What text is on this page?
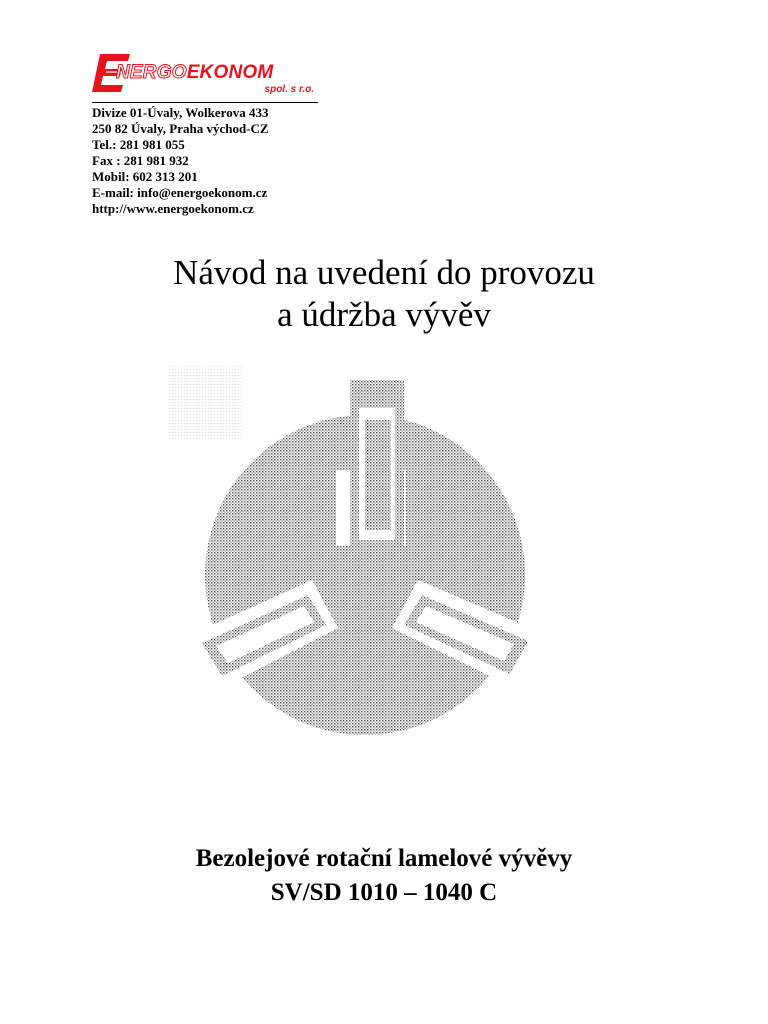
NERGOEKONOM
spol. s r.o.
Divize 01-Úvaly, Wolkerova 433
250 82 Úvaly, Praha východ-CZ
Tel.: 281 981 055
Fax : 281 981 932
Mobil: 602 313 201
E-mail: info@energoekonom.cz
http://www.energoekonom.cz
Návod na uvedení do provozu
a údržba vývěv
Bezolejové rotační lamelové vývěvy
SV/SD 1010 – 1040 C
